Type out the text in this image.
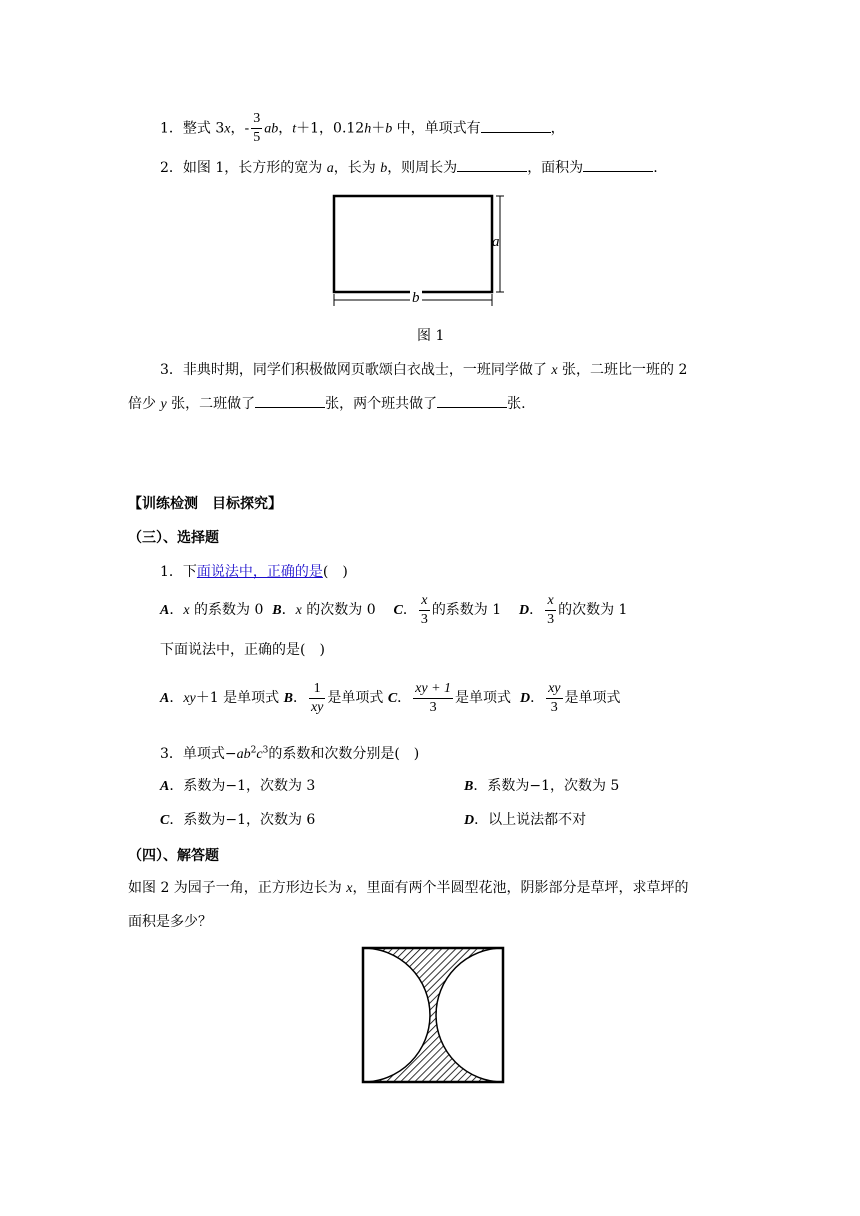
1．整式 3x，- $\frac{3}{5}$ ab，t＋1，0.12h＋b 中，单项式有	，
2．如图 1，长方形的宽为 a，长为 b，则周长为	，面积为	.
a
b
图 1
3．非典时期，同学们积极做网页歌颂白衣战士，一班同学做了 x 张，二班比一班的 2
倍少 y 张，二班做了	张，两个班共做了	张.
【训练检测　目标探究】
（三）、选择题
1．下面说法中，正确的是(　)
A．x 的系数为 0 B．x 的次数为 0 C． $\frac{x}{3}$ 的系数为 1 D． $\frac{x}{3}$ 的次数为 1
下面说法中，正确的是(　)
A．xy＋1 是单项式 B． $\frac{1}{xy}$ 是单项式 C． $\frac{xy + 1}{3}$ 是单项式 D． $\frac{xy}{3}$ 是单项式
3．单项式$-ab^2c^3$的系数和次数分别是(　)
A．系数为−1，次数为 3	B．系数为−1，次数为 5
C．系数为−1，次数为 6	D．以上说法都不对
（四）、解答题
如图 2 为园子一角，正方形边长为 x，里面有两个半圆型花池，阴影部分是草坪，求草坪的
面积是多少？
